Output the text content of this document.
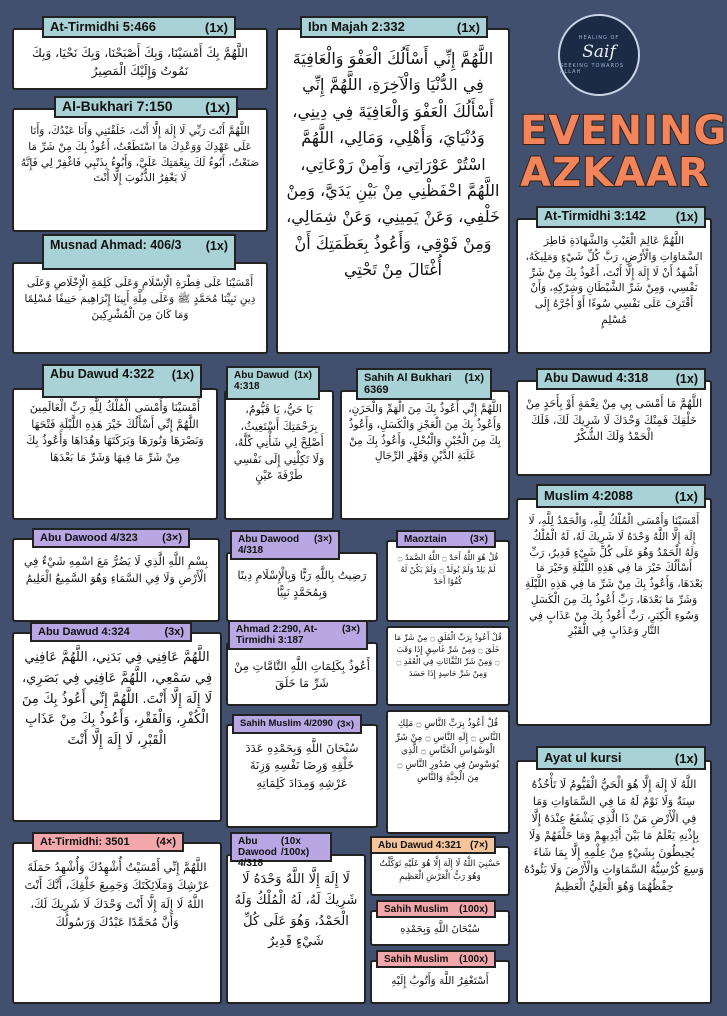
HEALING OF
Saif
SEEKING TOWARDS ALLAH
EVENING
AZKAAR
At-Tirmidhi 5:466	(1x)
اللَّهُمَّ بِكَ أَمْسَيْنَا، وَبِكَ أَصْبَحْنَا، وَبِكَ نَحْيَا، وَبِكَ نَمُوتُ وَإِلَيْكَ الْمَصِيرُ
Al-Bukhari 7:150	(1x)
اللَّهُمَّ أَنْتَ رَبِّي لَا إِلَهَ إِلَّا أَنْتَ، خَلَقْتَنِي وَأَنَا عَبْدُكَ، وَأَنَا عَلَى عَهْدِكَ وَوَعْدِكَ مَا اسْتَطَعْتُ، أَعُوذُ بِكَ مِنْ شَرِّ مَا صَنَعْتُ، أَبُوءُ لَكَ بِنِعْمَتِكَ عَلَيَّ، وَأَبُوءُ بِذَنْبِي فَاغْفِرْ لِي فَإِنَّهُ لَا يَغْفِرُ الذُّنُوبَ إِلَّا أَنْتَ
Musnad Ahmad: 406/3	(1x)
أَمْسَيْنَا عَلَى فِطْرَةِ الْإِسْلَامِ وَعَلَى كَلِمَةِ الْإِخْلَاصِ وَعَلَى دِينِ نَبِيِّنَا مُحَمَّدٍ ﷺ وَعَلَى مِلَّةِ أَبِينَا إِبْرَاهِيمَ حَنِيفًا مُسْلِمًا وَمَا كَانَ مِنَ الْمُشْرِكِينَ
Ibn Majah 2:332	(1x)
اللَّهُمَّ إِنِّي أَسْأَلُكَ الْعَفْوَ وَالْعَافِيَةَ فِي الدُّنْيَا وَالْآخِرَةِ، اللَّهُمَّ إِنِّي أَسْأَلُكَ الْعَفْوَ وَالْعَافِيَةَ فِي دِينِي، وَدُنْيَايَ، وَأَهْلِي، وَمَالِي، اللَّهُمَّ اسْتُرْ عَوْرَاتِي، وَآمِنْ رَوْعَاتِي، اللَّهُمَّ احْفَظْنِي مِنْ بَيْنِ يَدَيَّ، وَمِنْ خَلْفِي، وَعَنْ يَمِينِي، وَعَنْ شِمَالِي، وَمِنْ فَوْقِي، وَأَعُوذُ بِعَظَمَتِكَ أَنْ أُغْتَالَ مِنْ تَحْتِي
At-Tirmidhi 3:142	(1x)
اللَّهُمَّ عَالِمَ الْغَيْبِ وَالشَّهَادَةِ فَاطِرَ السَّمَاوَاتِ وَالْأَرْضِ، رَبَّ كُلِّ شَيْءٍ وَمَلِيكَهُ، أَشْهَدُ أَنْ لَا إِلَهَ إِلَّا أَنْتَ، أَعُوذُ بِكَ مِنْ شَرِّ نَفْسِي، وَمِنْ شَرِّ الشَّيْطَانِ وَشِرْكِهِ، وَأَنْ أَقْتَرِفَ عَلَى نَفْسِي سُوءًا أَوْ أَجُرَّهُ إِلَى مُسْلِمٍ
Abu Dawud 4:322	(1x)
أَمْسَيْنَا وَأَمْسَى الْمُلْكُ لِلَّهِ رَبِّ الْعَالَمِينَ اللَّهُمَّ إِنِّي أَسْأَلُكَ خَيْرَ هَذِهِ اللَّيْلَةِ فَتْحَهَا وَنَصْرَهَا وَنُورَهَا وَبَرَكَتَهَا وَهُدَاهَا وَأَعُوذُ بِكَ مِنْ شَرِّ مَا فِيهَا وَشَرِّ مَا بَعْدَهَا
Abu Dawud 4:318
(1x)
يَا حَيُّ، يَا قَيُّومُ، بِرَحْمَتِكَ أَسْتَغِيثُ، أَصْلِحْ لِي شَأْنِي كُلَّهُ، وَلَا تَكِلْنِي إِلَى نَفْسِي طَرْفَةَ عَيْنٍ
Sahih Al Bukhari 6369
(1x)
اللَّهُمَّ إِنِّي أَعُوذُ بِكَ مِنَ الْهَمِّ وَالْحَزَنِ، وَأَعُوذُ بِكَ مِنَ الْعَجْزِ وَالْكَسَلِ، وَأَعُوذُ بِكَ مِنَ الْجُبْنِ وَالْبُخْلِ، وَأَعُوذُ بِكَ مِنْ غَلَبَةِ الدَّيْنِ وَقَهْرِ الرِّجَالِ
Abu Dawud 4:318	(1x)
اللَّهُمَّ مَا أَمْسَى بِي مِنْ نِعْمَةٍ أَوْ بِأَحَدٍ مِنْ خَلْقِكَ فَمِنْكَ وَحْدَكَ لَا شَرِيكَ لَكَ، فَلَكَ الْحَمْدُ وَلَكَ الشُّكْرُ
Muslim 4:2088	(1x)
أَمْسَيْنَا وَأَمْسَى الْمُلْكُ لِلَّهِ، وَالْحَمْدُ لِلَّهِ، لَا إِلَهَ إِلَّا اللَّهُ وَحْدَهُ لَا شَرِيكَ لَهُ، لَهُ الْمُلْكُ وَلَهُ الْحَمْدُ وَهُوَ عَلَى كُلِّ شَيْءٍ قَدِيرٌ، رَبِّ أَسْأَلُكَ خَيْرَ مَا فِي هَذِهِ اللَّيْلَةِ وَخَيْرَ مَا بَعْدَهَا، وَأَعُوذُ بِكَ مِنْ شَرِّ مَا فِي هَذِهِ اللَّيْلَةِ وَشَرِّ مَا بَعْدَهَا، رَبِّ أَعُوذُ بِكَ مِنَ الْكَسَلِ وَسُوءِ الْكِبَرِ، رَبِّ أَعُوذُ بِكَ مِنْ عَذَابٍ فِي النَّارِ وَعَذَابٍ فِي الْقَبْرِ
Abu Dawood 4/323	(3×)
بِسْمِ اللَّهِ الَّذِي لَا يَضُرُّ مَعَ اسْمِهِ شَيْءٌ فِي الْأَرْضِ وَلَا فِي السَّمَاءِ وَهُوَ السَّمِيعُ الْعَلِيمُ
Abu Dawood 4/318
(3×)
رَضِيتُ بِاللَّهِ رَبًّا وَبِالْإِسْلَامِ دِينًا وَبِمُحَمَّدٍ نَبِيًّا
Maoztain	(3×)
قُلْ هُوَ اللَّهُ أَحَدٌ ۝ اللَّهُ الصَّمَدُ ۝ لَمْ يَلِدْ وَلَمْ يُولَدْ ۝ وَلَمْ يَكُنْ لَهُ كُفُوًا أَحَدٌ
قُلْ أَعُوذُ بِرَبِّ الْفَلَقِ ۝ مِنْ شَرِّ مَا خَلَقَ ۝ وَمِنْ شَرِّ غَاسِقٍ إِذَا وَقَبَ ۝ وَمِنْ شَرِّ النَّفَّاثَاتِ فِي الْعُقَدِ ۝ وَمِنْ شَرِّ حَاسِدٍ إِذَا حَسَدَ
قُلْ أَعُوذُ بِرَبِّ النَّاسِ ۝ مَلِكِ النَّاسِ ۝ إِلَهِ النَّاسِ ۝ مِنْ شَرِّ الْوَسْوَاسِ الْخَنَّاسِ ۝ الَّذِي يُوَسْوِسُ فِي صُدُورِ النَّاسِ ۝ مِنَ الْجِنَّةِ وَالنَّاسِ
Abu Dawud 4:324	(3x)
اللَّهُمَّ عَافِنِي فِي بَدَنِي، اللَّهُمَّ عَافِنِي فِي سَمْعِي، اللَّهُمَّ عَافِنِي فِي بَصَرِي، لَا إِلَهَ إِلَّا أَنْتَ. اللَّهُمَّ إِنِّي أَعُوذُ بِكَ مِنَ الْكُفْرِ، وَالْفَقْرِ، وَأَعُوذُ بِكَ مِنْ عَذَابِ الْقَبْرِ، لَا إِلَهَ إِلَّا أَنْتَ
Ahmad 2:290, At-Tirmidhi 3:187
(3×)
أَعُوذُ بِكَلِمَاتِ اللَّهِ التَّامَّاتِ مِنْ شَرِّ مَا خَلَقَ
Sahih Muslim 4/2090 (3×)
سُبْحَانَ اللَّهِ وَبِحَمْدِهِ عَدَدَ خَلْقِهِ وَرِضَا نَفْسِهِ وَزِنَةَ عَرْشِهِ وَمِدَادَ كَلِمَاتِهِ
Ayat ul kursi	(1x)
اللَّهُ لَا إِلَهَ إِلَّا هُوَ الْحَيُّ الْقَيُّومُ لَا تَأْخُذُهُ سِنَةٌ وَلَا نَوْمٌ لَهُ مَا فِي السَّمَاوَاتِ وَمَا فِي الْأَرْضِ مَنْ ذَا الَّذِي يَشْفَعُ عِنْدَهُ إِلَّا بِإِذْنِهِ يَعْلَمُ مَا بَيْنَ أَيْدِيهِمْ وَمَا خَلْفَهُمْ وَلَا يُحِيطُونَ بِشَيْءٍ مِنْ عِلْمِهِ إِلَّا بِمَا شَاءَ وَسِعَ كُرْسِيُّهُ السَّمَاوَاتِ وَالْأَرْضَ وَلَا يَئُودُهُ حِفْظُهُمَا وَهُوَ الْعَلِيُّ الْعَظِيمُ
At-Tirmidhi: 3501	(4×)
اللَّهُمَّ إِنِّي أَمْسَيْتُ أُشْهِدُكَ وَأُشْهِدُ حَمَلَةَ عَرْشِكَ وَمَلَائِكَتَكَ وَجَمِيعَ خَلْقِكَ، أَنَّكَ أَنْتَ اللَّهُ لَا إِلَهَ إِلَّا أَنْتَ وَحْدَكَ لَا شَرِيكَ لَكَ، وَأَنَّ مُحَمَّدًا عَبْدُكَ وَرَسُولُكَ
Abu Dawood 4/318
(10x /100x)
لَا إِلَهَ إِلَّا اللَّهُ وَحْدَهُ لَا شَرِيكَ لَهُ، لَهُ الْمُلْكُ وَلَهُ الْحَمْدُ، وَهُوَ عَلَى كُلِّ شَيْءٍ قَدِيرٌ
Abu Dawud 4:321 (7×)
حَسْبِيَ اللَّهُ لَا إِلَهَ إِلَّا هُوَ عَلَيْهِ تَوَكَّلْتُ وَهُوَ رَبُّ الْعَرْشِ الْعَظِيمِ
Sahih Muslim	(100x)
سُبْحَانَ اللَّهِ وَبِحَمْدِهِ
Sahih Muslim	(100x)
أَسْتَغْفِرُ اللَّهَ وَأَتُوبُ إِلَيْهِ
